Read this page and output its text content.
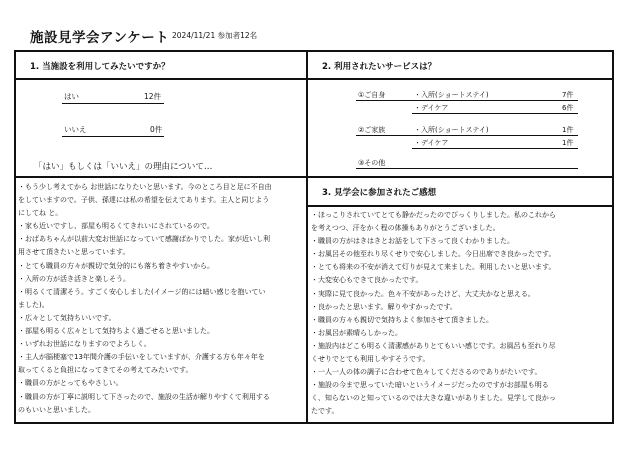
施設見学会アンケート 2024/11/21 参加者12名
1. 当施設を利用してみたいですか？
はい	12件
いいえ	0件
「はい」もしくは「いいえ」の理由について…
・もう少し考えてから お世話になりたいと思います。今のところ目と足に不自由
をしていますので。子供、孫達には私の希望を伝えてあります。主人と同じよう
にしてね と。
・家も近いですし、部屋も明るくてきれいにされているので。
・おばあちゃんが以前大変お世話になっていて感謝ばかりでした。家が近いし利
用させて頂きたいと思っています。
・とても職員の方々が親切で気分的にも落ち着きやすいから。
・入所の方が活き活きと楽しそう。
・明るくて清潔そう。すごく安心しました(イメージ的には暗い感じを抱いてい
ました)。
・広々として気持ちいいです。
・部屋も明るく広々として気持ちよく過ごせると思いました。
・いずれお世話になりますのでよろしく。
・主人が脳梗塞で13年間介護の手伝いをしていますが、介護する方も年々年を
取ってくると負担になってきてその考えてみたいです。
・職員の方がとってもやさしい。
・職員の方が丁寧に説明して下さったので、施設の生活が解りやすくて利用する
のもいいと思いました。
2. 利用されたいサービスは？
①ご自身	・入所(ショートステイ)	7件
・デイケア	6件
②ご家族	・入所(ショートステイ)	1件
・デイケア	1件
③その他
3. 見学会に参加されたご感想
・ほっこりされていてとても静かだったのでびっくりしました。私のこれから
を考えつつ、汗をかく程の体操もありがとうございました。
・職員の方がはきはきとお話をして下さって良くわかりました。
・お風呂その他至れり尽くせりで安心しました。今日出席でき良かったです。
・とても将来の不安が消えて灯りが見えて来ました。利用したいと思います。
・大変安心もできて良かったです。
・実際に見て良かった。色々不安があったけど、大丈夫かなと思える。
・良かったと思います。解りやすかったです。
・職員の方々も親切で気持ちよく参加させて頂きました。
・お風呂が素晴らしかった。
・施設内はどこも明るく清潔感がありとてもいい感じです。お風呂も至れり尽
くせりでとても利用しやすそうです。
・一人一人の体の調子に合わせて色々してくださるのでありがたいです。
・施設の今まで思っていた暗いというイメージだったのですがお部屋も明る
く、知らないのと知っているのでは大きな違いがありました。見学して良かっ
たです。
